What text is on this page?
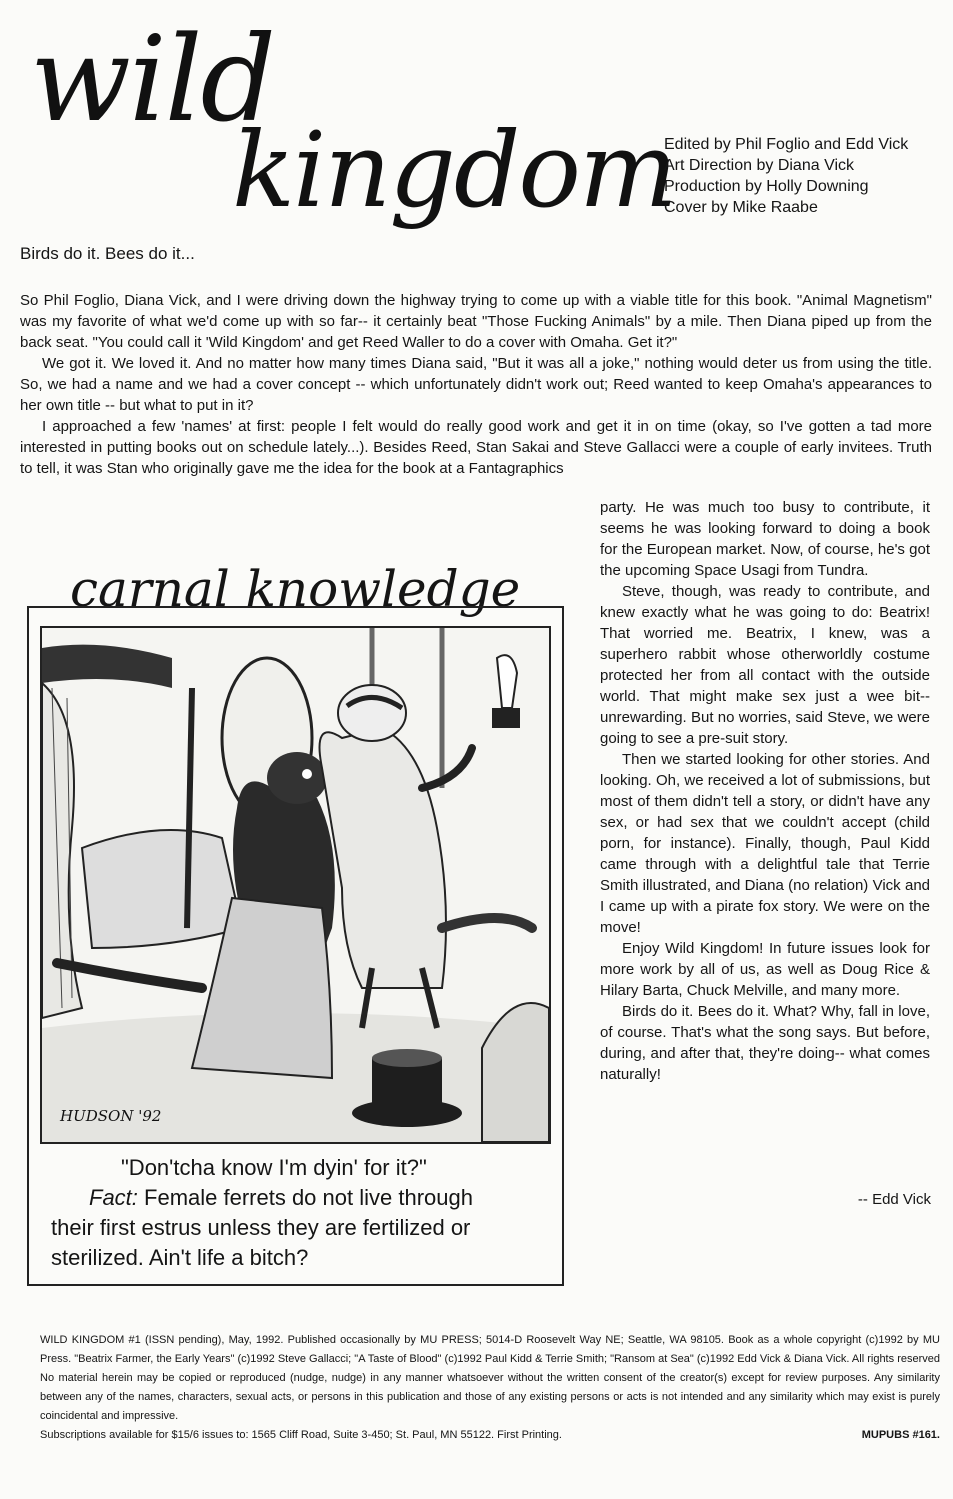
wild
kingdom
Edited by Phil Foglio and Edd Vick
Art Direction by Diana Vick
Production by Holly Downing
Cover by Mike Raabe
Birds do it. Bees do it...

So Phil Foglio, Diana Vick, and I were driving down the highway trying to come up with a viable title for this book. "Animal Magnetism" was my favorite of what we'd come up with so far-- it certainly beat "Those Fucking Animals" by a mile. Then Diana piped up from the back seat. "You could call it 'Wild Kingdom' and get Reed Waller to do a cover with Omaha. Get it?"

We got it. We loved it. And no matter how many times Diana said, "But it was all a joke," nothing would deter us from using the title. So, we had a name and we had a cover concept -- which unfortunately didn't work out; Reed wanted to keep Omaha's appearances to her own title -- but what to put in it?

I approached a few 'names' at first: people I felt would do really good work and get it in on time (okay, so I've gotten a tad more interested in putting books out on schedule lately...). Besides Reed, Stan Sakai and Steve Gallacci were a couple of early invitees. Truth to tell, it was Stan who originally gave me the idea for the book at a Fantagraphics

party. He was much too busy to contribute, it seems he was looking forward to doing a book for the European market. Now, of course, he's got the upcoming Space Usagi from Tundra.

Steve, though, was ready to contribute, and knew exactly what he was going to do: Beatrix! That worried me. Beatrix, I knew, was a superhero rabbit whose otherworldly costume protected her from all contact with the outside world. That might make sex just a wee bit-- unrewarding. But no worries, said Steve, we were going to see a pre-suit story.

Then we started looking for other stories. And looking. Oh, we received a lot of submissions, but most of them didn't tell a story, or didn't have any sex, or had sex that we couldn't accept (child porn, for instance). Finally, though, Paul Kidd came through with a delightful tale that Terrie Smith illustrated, and Diana (no relation) Vick and I came up with a pirate fox story. We were on the move!

Enjoy Wild Kingdom! In future issues look for more work by all of us, as well as Doug Rice & Hilary Barta, Chuck Melville, and many more.

Birds do it. Bees do it. What? Why, fall in love, of course. That's what the song says. But before, during, and after that, they're doing-- what comes naturally!

-- Edd Vick
carnal knowledge
HUDSON '92
"Don'tcha know I'm dyin' for it?"
Fact: Female ferrets do not live through
their first estrus unless they are fertilized or
sterilized. Ain't life a bitch?
WILD KINGDOM #1 (ISSN pending), May, 1992. Published occasionally by MU PRESS; 5014-D Roosevelt Way NE; Seattle, WA 98105. Book as a whole copyright (c)1992 by MU Press. "Beatrix Farmer, the Early Years" (c)1992 Steve Gallacci; "A Taste of Blood" (c)1992 Paul Kidd & Terrie Smith; "Ransom at Sea" (c)1992 Edd Vick & Diana Vick. All rights reserved No material herein may be copied or reproduced (nudge, nudge) in any manner whatsoever without the written consent of the creator(s) except for review purposes. Any similarity between any of the names, characters, sexual acts, or persons in this publication and those of any existing persons or acts is not intended and any similarity which may exist is purely coincidental and impressive.
Subscriptions available for $15/6 issues to: 1565 Cliff Road, Suite 3-450; St. Paul, MN 55122. First Printing.	MUPUBS #161.
